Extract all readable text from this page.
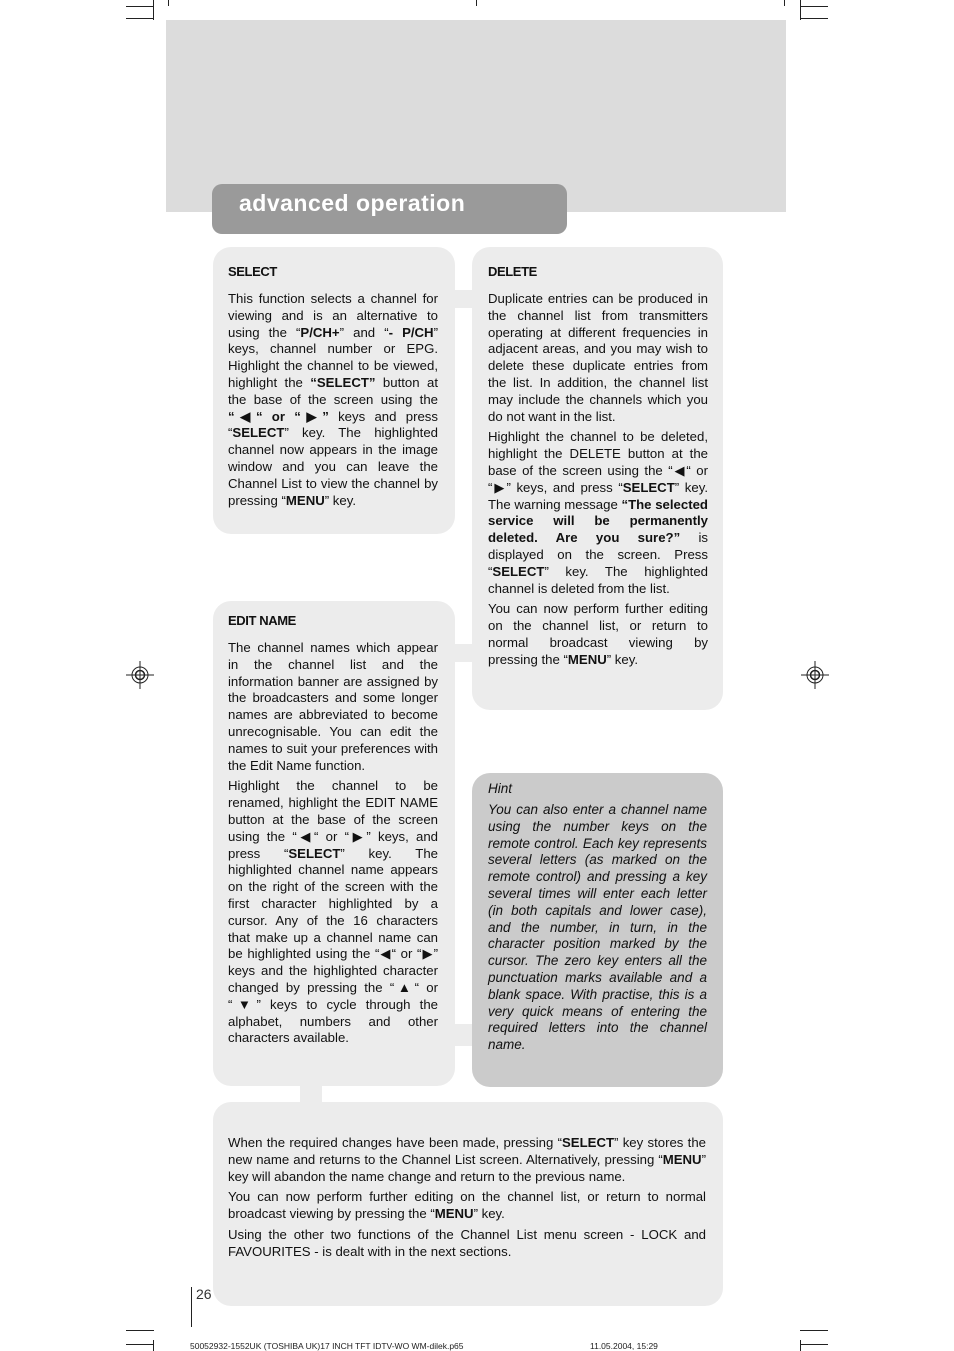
advanced operation
SELECT
This function selects a channel for viewing and is an alternative to using the “P/CH+” and “- P/CH” keys, channel number or EPG. Highlight the channel to be viewed, highlight the “SELECT” button at the base of the screen using the “◀“ or “▶” keys and press “SELECT” key. The highlighted channel now appears in the image window and you can leave the Channel List to view the channel by pressing “MENU” key.
EDIT NAME
The channel names which appear in the channel list and the information banner are assigned by the broadcasters and some longer names are abbreviated to become unrecognisable. You can edit the names to suit your preferences with the Edit Name function.
Highlight the channel to be renamed, highlight the EDIT NAME button at the base of the screen using the “◀“ or “▶” keys, and press “SELECT” key. The highlighted channel name appears on the right of the screen with the first character highlighted by a cursor. Any of the 16 characters that make up a channel name can be highlighted using the “◀“ or “▶” keys and the highlighted character changed by pressing the “▲“ or “▼” keys to cycle through the alphabet, numbers and other characters available.
DELETE
Duplicate entries can be produced in the channel list from transmitters operating at different frequencies in adjacent areas, and you may wish to delete these duplicate entries from the list. In addition, the channel list may include the channels which you do not want in the list.
Highlight the channel to be deleted, highlight the DELETE button at the base of the screen using the “◀“ or “▶” keys, and press “SELECT” key. The warning message “The selected service will be permanently deleted. Are you sure?” is displayed on the screen. Press “SELECT” key. The highlighted channel is deleted from the list.
You can now perform further editing on the channel list, or return to normal broadcast viewing by pressing the “MENU” key.
Hint
You can also enter a channel name using the number keys on the remote control. Each key represents several letters (as marked on the remote control) and pressing a key several times will enter each letter (in both capitals and lower case), and the number, in turn, in the character position marked by the cursor. The zero key enters all the punctuation marks available and a blank space. With practise, this is a very quick means of entering the required letters into the channel name.
When the required changes have been made, pressing “SELECT” key stores the new name and returns to the Channel List screen. Alternatively, pressing “MENU” key will abandon the name change and return to the previous name.
You can now perform further editing on the channel list, or return to normal broadcast viewing by pressing the “MENU” key.
Using the other two functions of the Channel List menu screen - LOCK and FAVOURITES - is dealt with in the next sections.
26
50052932-1552UK (TOSHIBA UK)17 INCH TFT IDTV-WO WM-dilek.p65	11.05.2004, 15:29
